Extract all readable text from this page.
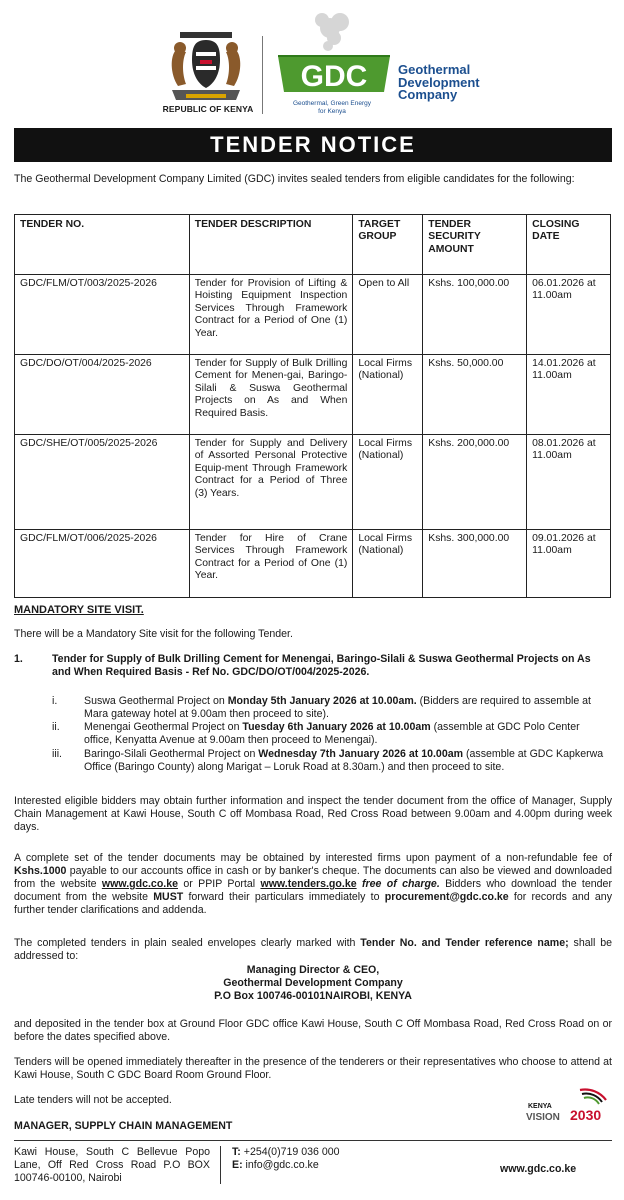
REPUBLIC OF KENYA
GDC
Geothermal, Green Energy
for Kenya
Geothermal
Development
Company
TENDER NOTICE
The Geothermal Development Company Limited (GDC) invites sealed tenders from eligible candidates for the following:
TENDER NO.	TENDER DESCRIPTION	TARGET GROUP	TENDER SECURITY AMOUNT	CLOSING DATE
GDC/FLM/OT/003/2025-2026	Tender for Provision of Lifting & Hoisting Equipment Inspection Services Through Framework Contract for a Period of One (1) Year.	Open to All	Kshs. 100,000.00	06.01.2026 at 11.00am
GDC/DO/OT/004/2025-2026	Tender for Supply of Bulk Drilling Cement for Menen-gai, Baringo-Silali & Suswa Geothermal Projects on As and When Required Basis.	Local Firms (National)	Kshs. 50,000.00	14.01.2026 at 11.00am
GDC/SHE/OT/005/2025-2026	Tender for Supply and Delivery of Assorted Personal Protective Equip-ment Through Framework Contract for a Period of Three (3) Years.	Local Firms (National)	Kshs. 200,000.00	08.01.2026 at 11.00am
GDC/FLM/OT/006/2025-2026	Tender for Hire of Crane Services Through Framework Contract for a Period of One (1) Year.	Local Firms (National)	Kshs. 300,000.00	09.01.2026 at 11.00am
MANDATORY SITE VISIT.
There will be a Mandatory Site visit for the following Tender.
1.	Tender for Supply of Bulk Drilling Cement for Menengai, Baringo-Silali & Suswa Geothermal Projects on As and When Required Basis - Ref No. GDC/DO/OT/004/2025-2026.
i.	Suswa Geothermal Project on Monday 5th January 2026 at 10.00am. (Bidders are required to assemble at Mara gateway hotel at 9.00am then proceed to site).
ii. Menengai Geothermal Project on Tuesday 6th January 2026 at 10.00am (assemble at GDC Polo Center office, Kenyatta Avenue at 9.00am then proceed to Menengai).
iii. Baringo-Silali Geothermal Project on Wednesday 7th January 2026 at 10.00am (assemble at GDC Kapkerwa Office (Baringo County) along Marigat – Loruk Road at 8.30am.) and then proceed to site.
Interested eligible bidders may obtain further information and inspect the tender document from the office of Manager, Supply Chain Management at Kawi House, South C off Mombasa Road, Red Cross Road between 9.00am and 4.00pm during week days.
A complete set of the tender documents may be obtained by interested firms upon payment of a non-refundable fee of Kshs.1000 payable to our accounts office in cash or by banker's cheque. The documents can also be viewed and downloaded from the website www.gdc.co.ke or PPIP Portal www.tenders.go.ke free of charge. Bidders who download the tender document from the website MUST forward their particulars immediately to procurement@gdc.co.ke for records and any further tender clarifications and addenda.
The completed tenders in plain sealed envelopes clearly marked with Tender No. and Tender reference name; shall be addressed to:
Managing Director & CEO,
Geothermal Development Company
P.O Box 100746-00101NAIROBI, KENYA
and deposited in the tender box at Ground Floor GDC office Kawi House, South C Off Mombasa Road, Red Cross Road on or before the dates specified above.
Tenders will be opened immediately thereafter in the presence of the tenderers or their representatives who choose to attend at Kawi House, South C GDC Board Room Ground Floor.
Late tenders will not be accepted.
KENYA
VISION 2030
MANAGER, SUPPLY CHAIN MANAGEMENT
Kawi House, South C Bellevue Popo Lane, Off Red Cross Road P.O BOX 100746-00100, Nairobi
T: +254(0)719 036 000
E: info@gdc.co.ke	www.gdc.co.ke
